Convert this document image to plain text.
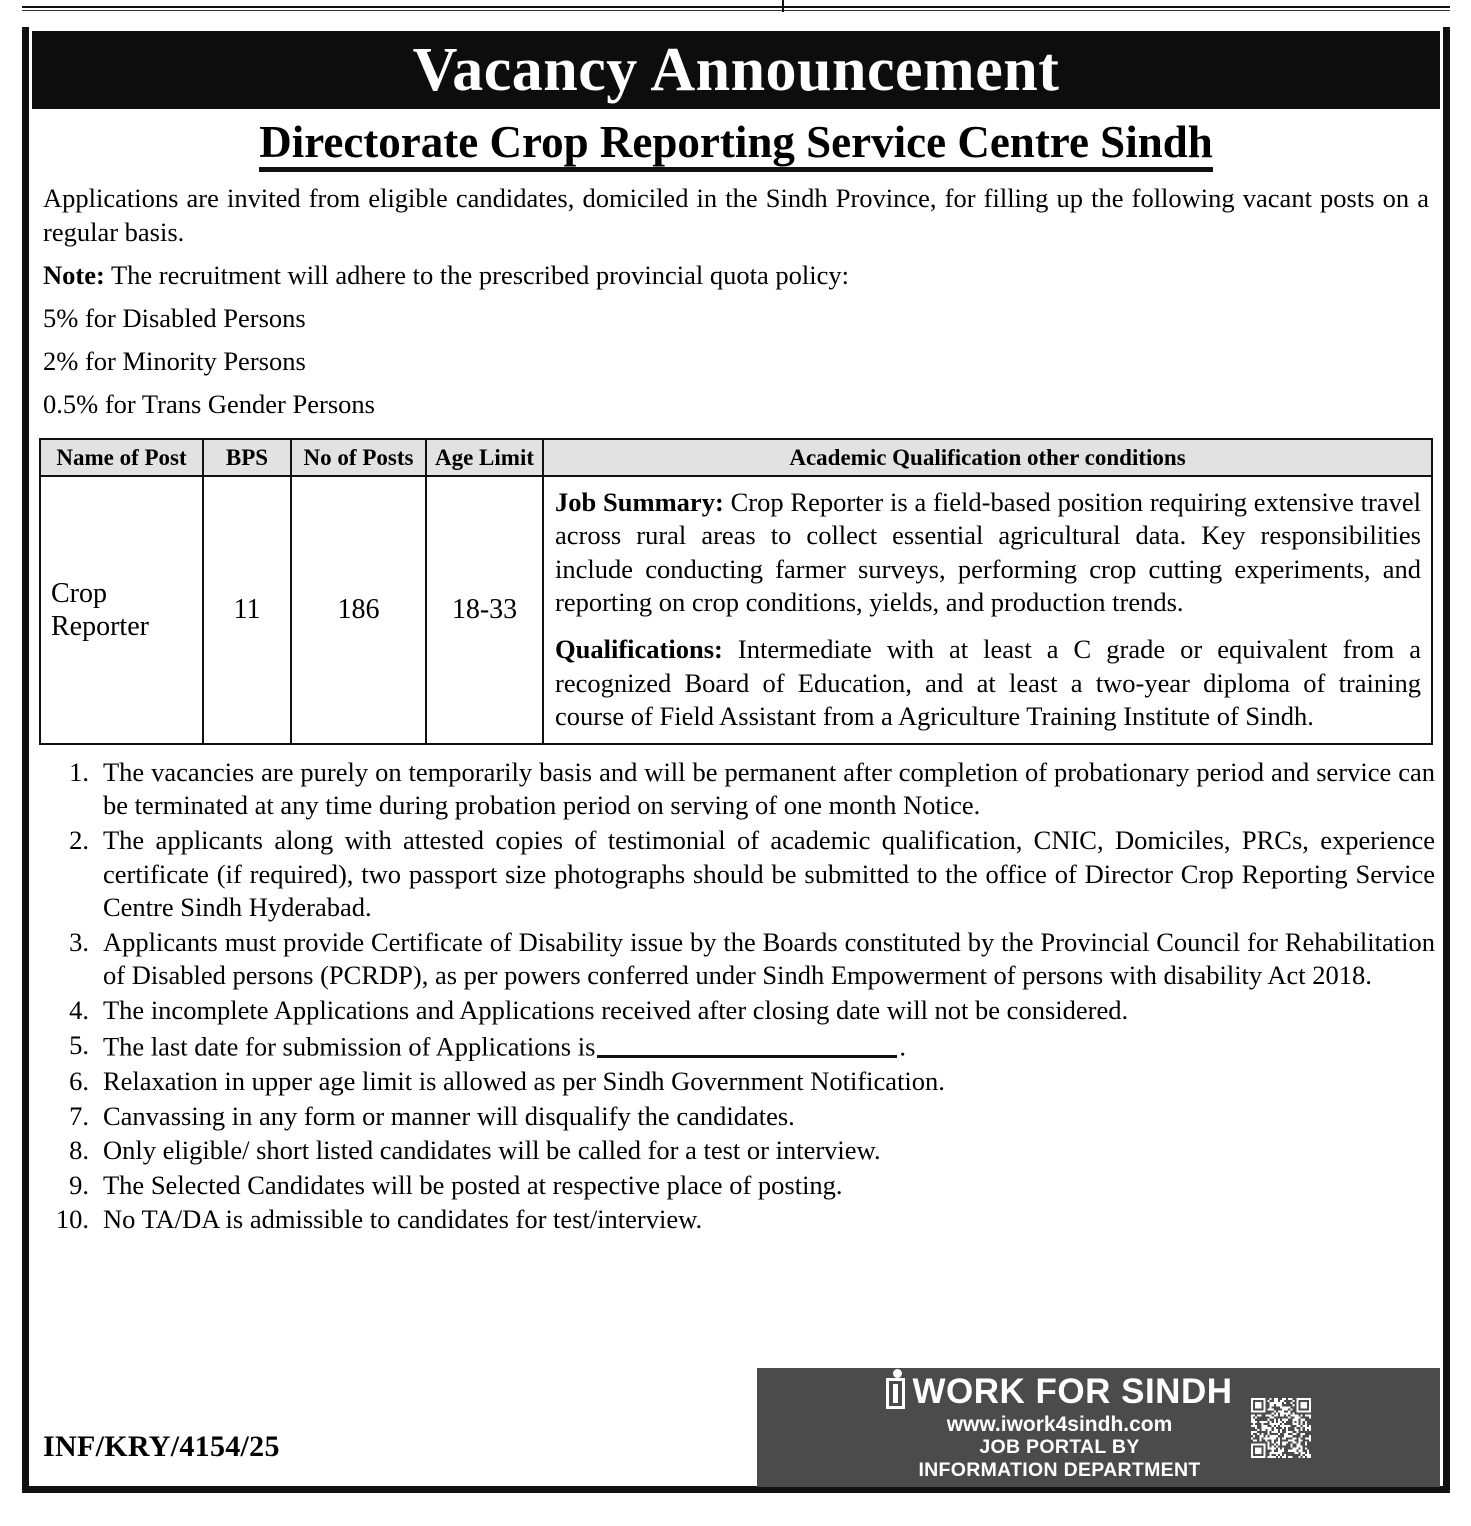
Vacancy Announcement
Directorate Crop Reporting Service Centre Sindh

Applications are invited from eligible candidates, domiciled in the Sindh Province, for filling up the following vacant posts on a regular basis.

Note: The recruitment will adhere to the prescribed provincial quota policy:

5% for Disabled Persons

2% for Minority Persons

0.5% for Trans Gender Persons

Name of Post	BPS	No of Posts	Age Limit	Academic Qualification other conditions
Crop Reporter	11	186	18-33	Job Summary: Crop Reporter is a field-based position requiring extensive travel across rural areas to collect essential agricultural data. Key responsibilities include conducting farmer surveys, performing crop cutting experiments, and reporting on crop conditions, yields, and production trends.

Qualifications: Intermediate with at least a C grade or equivalent from a recognized Board of Education, and at least a two-year diploma of training course of Field Assistant from a Agriculture Training Institute of Sindh.

The vacancies are purely on temporarily basis and will be permanent after completion of probationary period and service can be terminated at any time during probation period on serving of one month Notice.
The applicants along with attested copies of testimonial of academic qualification, CNIC, Domiciles, PRCs, experience certificate (if required), two passport size photographs should be submitted to the office of Director Crop Reporting Service Centre Sindh Hyderabad.
Applicants must provide Certificate of Disability issue by the Boards constituted by the Provincial Council for Rehabilitation of Disabled persons (PCRDP), as per powers conferred under Sindh Empowerment of persons with disability Act 2018.
The incomplete Applications and Applications received after closing date will not be considered.
The last date for submission of Applications is	.
Relaxation in upper age limit is allowed as per Sindh Government Notification.
Canvassing in any form or manner will disqualify the candidates.
Only eligible/ short listed candidates will be called for a test or interview.
The Selected Candidates will be posted at respective place of posting.
No TA/DA is admissible to candidates for test/interview.
INF/KRY/4154/25
WORK FOR SINDH
www.iwork4sindh.com
JOB PORTAL BY
INFORMATION DEPARTMENT
